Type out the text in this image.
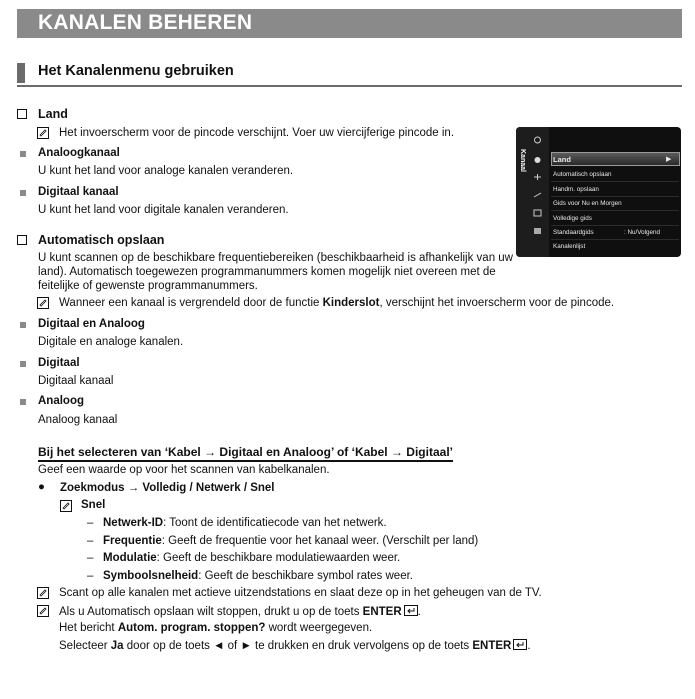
KANALEN BEHEREN
Het Kanalenmenu gebruiken
Land
Het invoerscherm voor de pincode verschijnt. Voer uw viercijferige pincode in.
Analoogkanaal
U kunt het land voor analoge kanalen veranderen.
Digitaal kanaal
U kunt het land voor digitale kanalen veranderen.
Automatisch opslaan
U kunt scannen op de beschikbare frequentiebereiken (beschikbaarheid is afhankelijk van uw
land). Automatisch toegewezen programmanummers komen mogelijk niet overeen met de
feitelijke of gewenste programmanummers.
Wanneer een kanaal is vergrendeld door de functie Kinderslot, verschijnt het invoerscherm voor de pincode.
Digitaal en Analoog
Digitale en analoge kanalen.
Digitaal
Digitaal kanaal
Analoog
Analoog kanaal
Bij het selecteren van ‘Kabel → Digitaal en Analoog’ of ‘Kabel → Digitaal’
Geef een waarde op voor het scannen van kabelkanalen.
● Zoekmodus → Volledig / Netwerk / Snel
Snel
– Netwerk-ID: Toont de identificatiecode van het netwerk.
– Frequentie: Geeft de frequentie voor het kanaal weer. (Verschilt per land)
– Modulatie: Geeft de beschikbare modulatiewaarden weer.
– Symboolsnelheid: Geeft de beschikbare symbol rates weer.
Scant op alle kanalen met actieve uitzendstations en slaat deze op in het geheugen van de TV.
Als u Automatisch opslaan wilt stoppen, drukt u op de toets ENTER .
Het bericht Autom. program. stoppen? wordt weergegeven.
Selecteer Ja door op de toets ◄ of ► te drukken en druk vervolgens op de toets ENTER .
Kanaal	Land	▶
Automatisch opslaan
Handm. opslaan
Gids voor Nu en Morgen
Volledige gids
Standaardgids	: Nu/Volgend
Kanalenlijst
